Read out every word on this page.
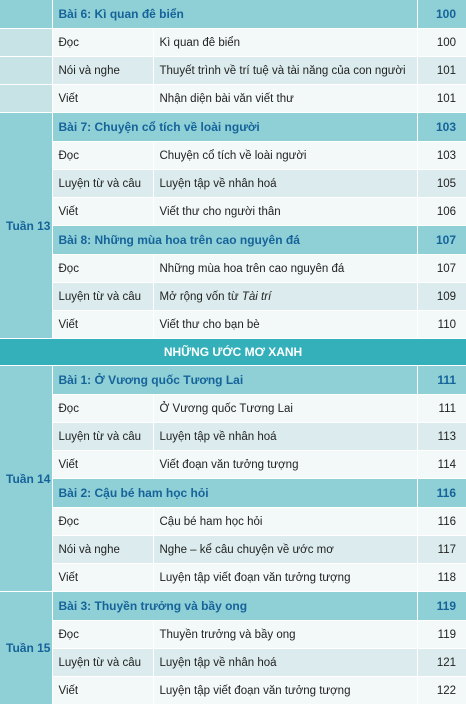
	Bài 6: Kì quan đê biển		100
	Đọc	Kì quan đê biển	100
	Nói và nghe	Thuyết trình về trí tuệ và tài năng của con người	101
	Viết	Nhận diện bài văn viết thư	101
Tuần 13	Bài 7: Chuyện cổ tích về loài người		103
	Đọc	Chuyện cổ tích về loài người	103
	Luyện từ và câu	Luyện tập về nhân hoá	105
	Viết	Viết thư cho người thân	106
	Bài 8: Những mùa hoa trên cao nguyên đá		107
	Đọc	Những mùa hoa trên cao nguyên đá	107
	Luyện từ và câu	Mở rộng vốn từ Tài trí	109
	Viết	Viết thư cho bạn bè	110
NHỮNG ƯỚC MƠ XANH			
Tuần 14	Bài 1: Ở Vương quốc Tương Lai		111
	Đọc	Ở Vương quốc Tương Lai	111
	Luyện từ và câu	Luyện tập về nhân hoá	113
	Viết	Viết đoạn văn tưởng tượng	114
	Bài 2: Cậu bé ham học hỏi		116
	Đọc	Cậu bé ham học hỏi	116
	Nói và nghe	Nghe – kể câu chuyện về ước mơ	117
	Viết	Luyện tập viết đoạn văn tưởng tượng	118
Tuần 15	Bài 3: Thuyền trưởng và bầy ong		119
	Đọc	Thuyền trưởng và bầy ong	119
	Luyện từ và câu	Luyện tập về nhân hoá	121
	Viết	Luyện tập viết đoạn văn tưởng tượng	122
